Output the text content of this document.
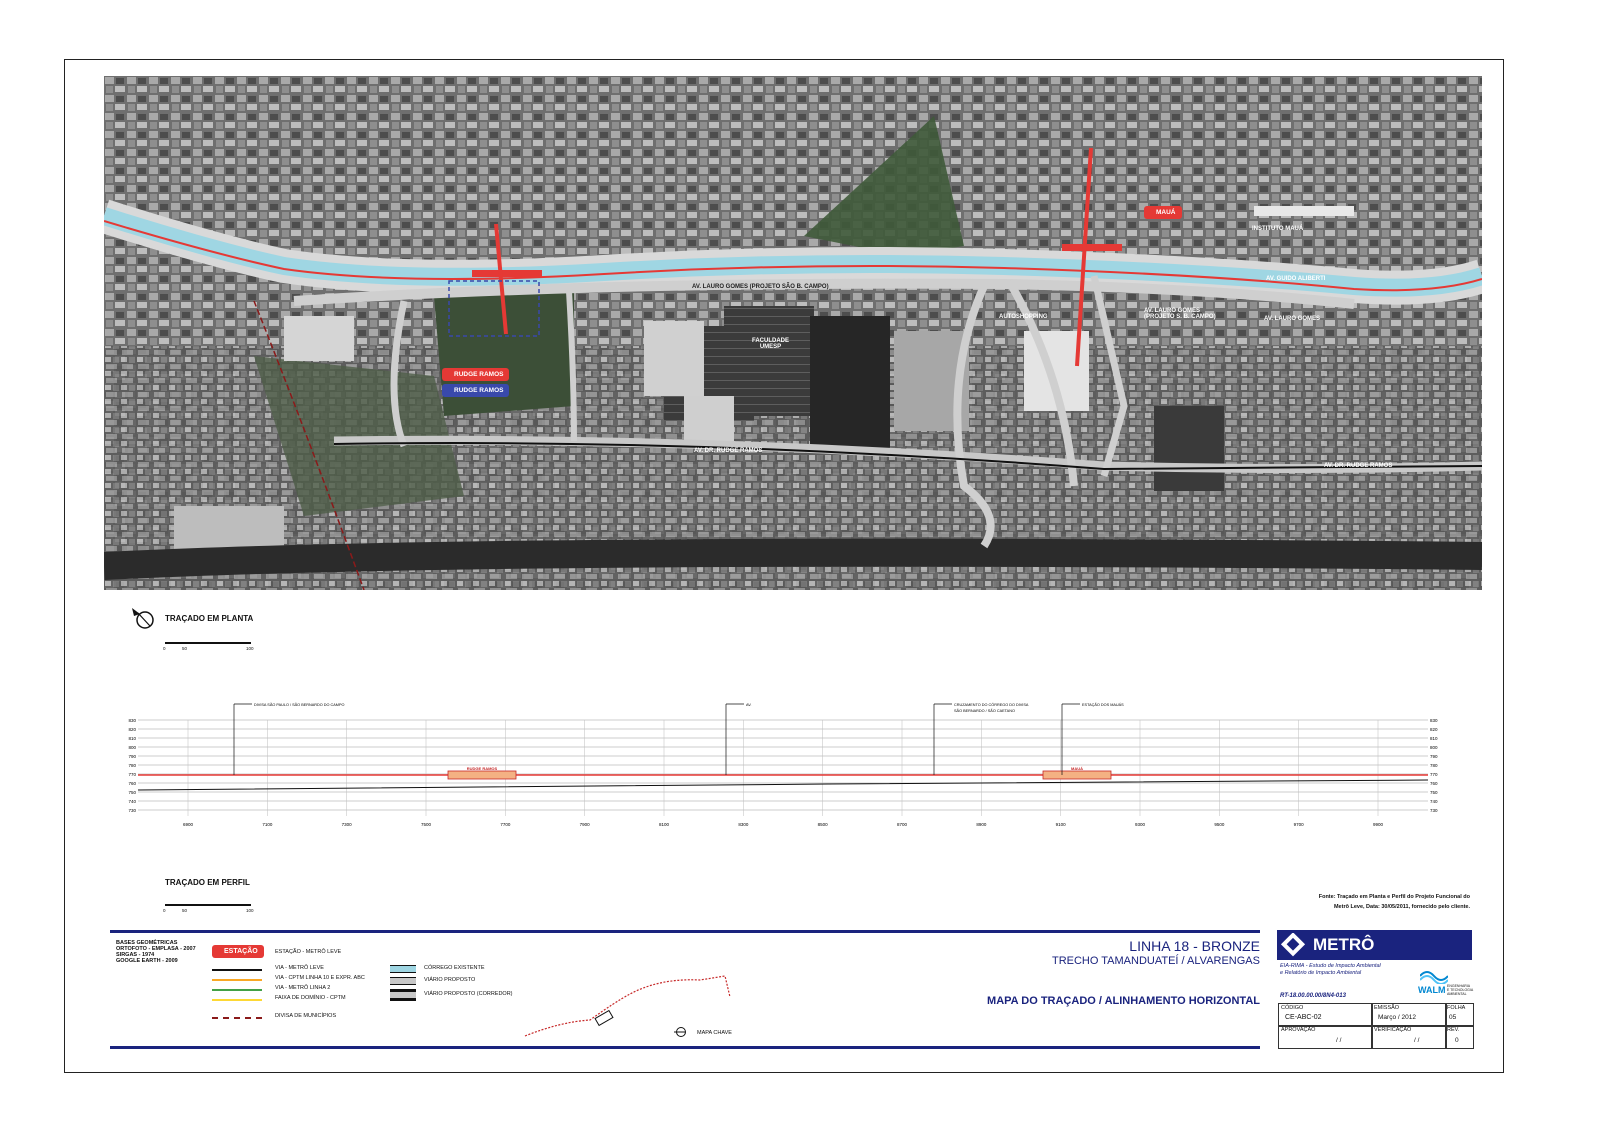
RUDGE RAMOS
RUDGE RAMOS
MAUÁ
AV. LAURO GOMES (PROJETO SÃO B. CAMPO)
AV. LAURO GOMES
(PROJETO S. B. CAMPO)	AV. LAURO GOMES
AV. GUIDO ALIBERTI
AV. DR. RUDGE RAMOS
AV. DR. RUDGE RAMOS
FACULDADE
UMESP
AUTOSHOPPING
INSTITUTO MAUÁ
TRAÇADO EM PLANTA
0	50	100
830	830
820	820
810	810
800	800
790	790
780	780
770	770
760	760
750	750
740	740
730	730
6900	7100	7300	7500	7700	7900	8100	8300	8500	8700	8900	9100	9300	9500	9700	9900
RUDGE RAMOS	MAUÁ
DIVISA SÃO PAULO / SÃO BERNARDO DO CAMPO	AV.	CRUZAMENTO DO CÓRREGO DO DIVISA
SÃO BERNARDO / SÃO CAETANO
ESTAÇÃO DOS MAUÁS
TRAÇADO EM PERFIL
0	50	100
Fonte: Traçado em Planta e Perfil do Projeto Funcional do
Metrô Leve, Data: 30/05/2011, fornecido pelo cliente.
BASES GEOMÉTRICAS
ORTOFOTO - EMPLASA - 2007
SIRGAS - 1974
GOOGLE EARTH - 2009
ESTAÇÃO	ESTAÇÃO - METRÔ LEVE
VIA - METRÔ LEVE
VIA - CPTM LINHA 10 E EXPR. ABC
VIA - METRÔ LINHA 2
FAIXA DE DOMÍNIO - CPTM
DIVISA DE MUNICÍPIOS
CÓRREGO EXISTENTE
VIÁRIO PROPOSTO
VIÁRIO PROPOSTO (CORREDOR)
MAPA CHAVE
LINHA 18 - BRONZE
TRECHO TAMANDUATEÍ / ALVARENGAS
MAPA DO TRAÇADO / ALINHAMENTO HORIZONTAL
METRÔ
EIA-RIMA - Estudo de Impacto Ambiental
e Relatório de Impacto Ambiental
WALM ENGENHARIA
E TECNOLOGIA
AMBIENTAL
RT-18.00.00.00/8N4-013
CÓDIGO
CE-ABC-02
EMISSÃO
Março / 2012
FOLHA
05
APROVAÇÃO
/ /
VERIFICAÇÃO
/ /
REV.
0
